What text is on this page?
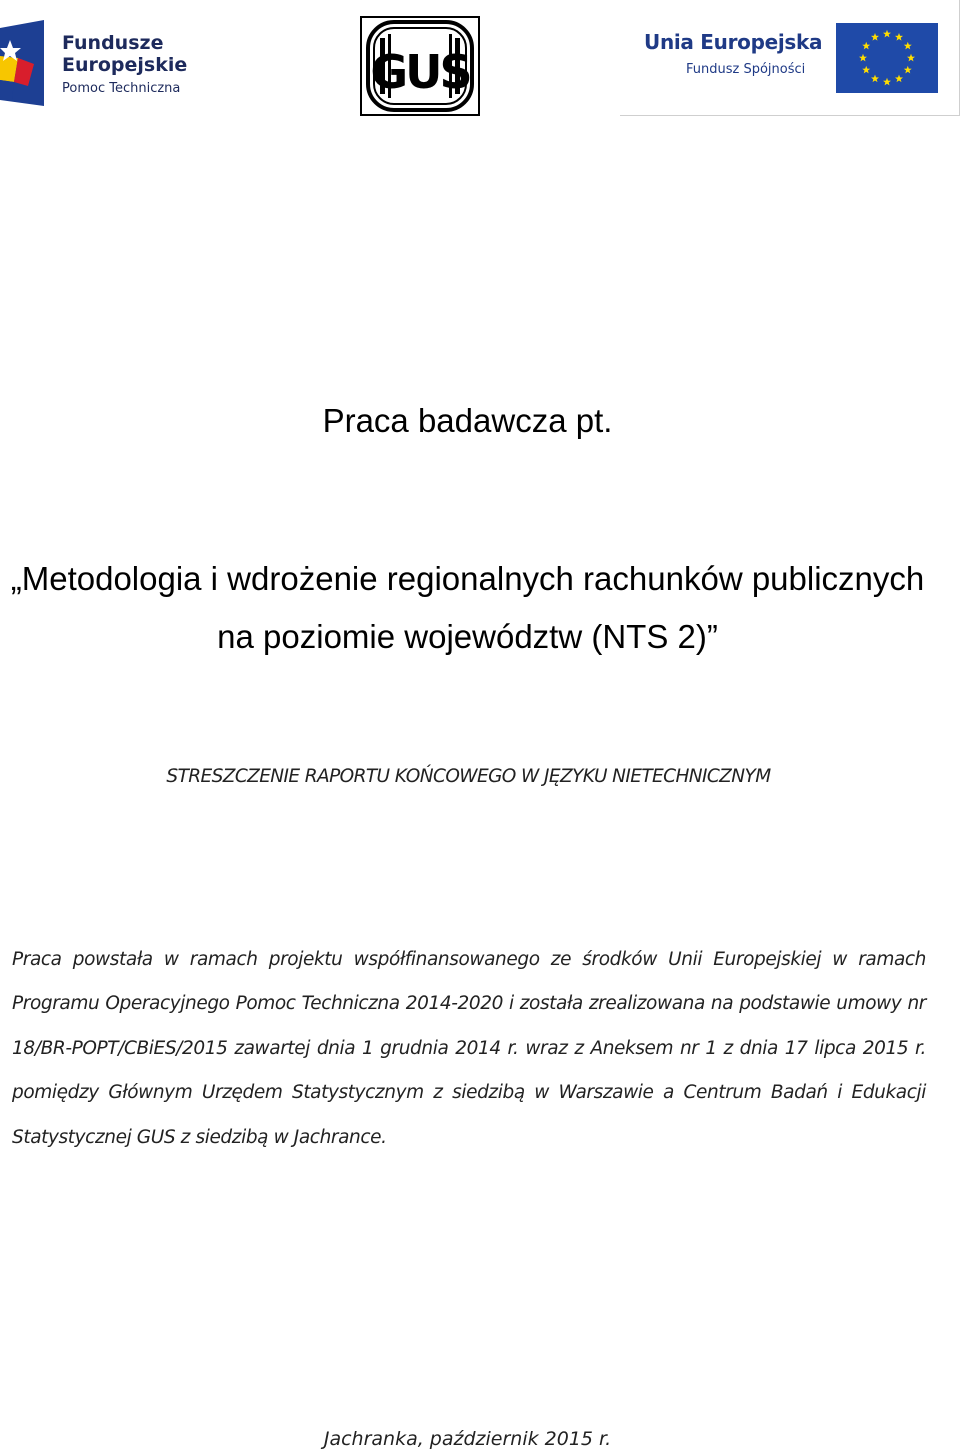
Fundusze
Europejskie
Pomoc Techniczna	GUS
Unia Europejska
Fundusz Spójności
Praca badawcza pt.
„Metodologia i wdrożenie regionalnych rachunków publicznych
na poziomie województw (NTS 2)”
STRESZCZENIE RAPORTU KOŃCOWEGO W JĘZYKU NIETECHNICZNYM

Praca powstała w ramach projektu współfinansowanego ze środków Unii Europejskiej w ramach Programu Operacyjnego Pomoc Techniczna 2014-2020 i została zrealizowana na podstawie umowy nr 18/BR-POPT/CBiES/2015 zawartej dnia 1 grudnia 2014 r. wraz z Aneksem nr 1 z dnia 17 lipca 2015 r. pomiędzy Głównym Urzędem Statystycznym z siedzibą w Warszawie a Centrum Badań i Edukacji Statystycznej GUS z siedzibą w Jachrance.

Jachranka, październik 2015 r.
